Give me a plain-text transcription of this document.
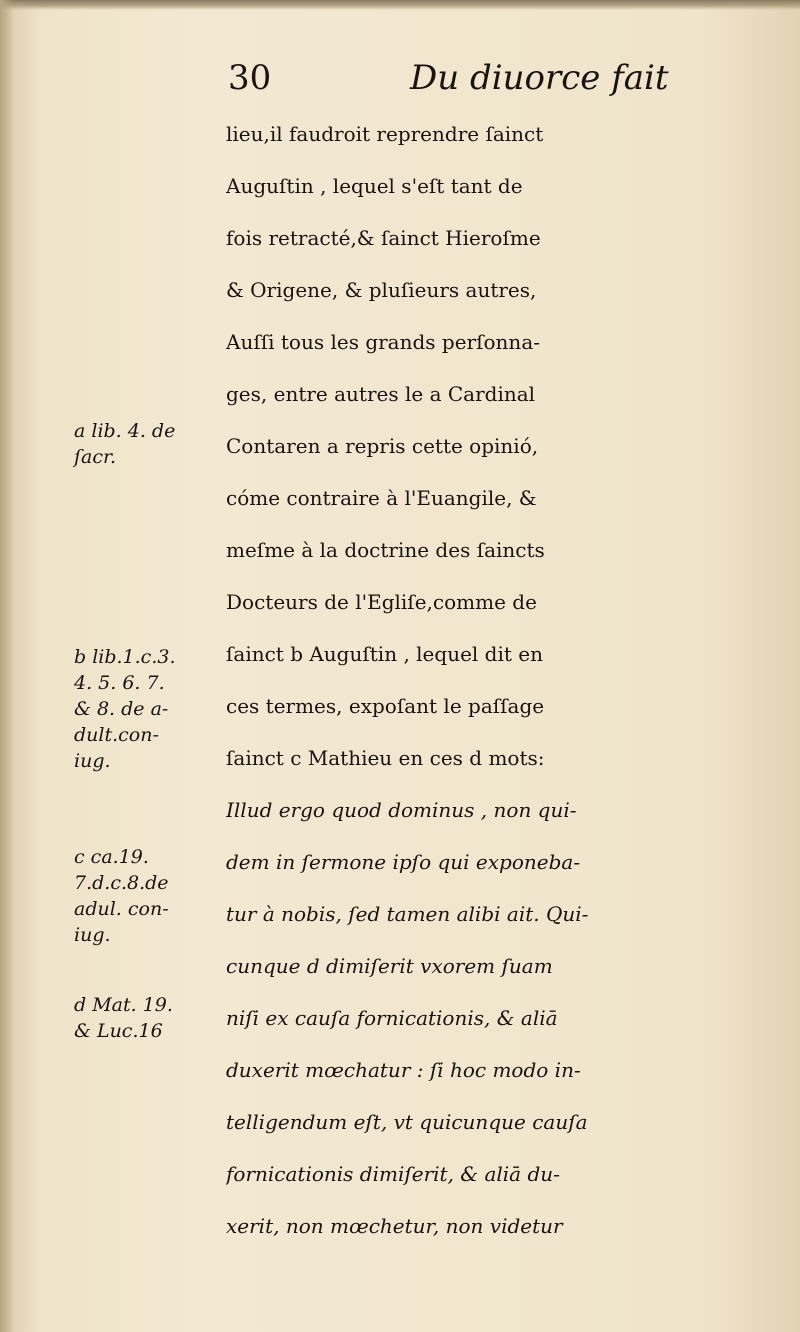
30	Du diuorce fait
lieu,il faudroit reprendre ſainct
Auguſtin , lequel s'eſt tant de
fois retracté,& ſainct Hieroſme
& Origene, & pluſieurs autres,
Auſſi tous les grands perſonna-
ges, entre autres le a Cardinal
Contaren a repris cette opinió,
cóme contraire à l'Euangile, &
meſme à la doctrine des ſaincts
Docteurs de l'Egliſe,comme de
ſainct b Auguſtin , lequel dit en
ces termes, expoſant le paſſage
ſainct c Mathieu en ces d mots:
Illud ergo quod dominus , non qui-
dem in ſermone ipſo qui exponeba-
tur à nobis, ſed tamen alibi ait. Qui-
cunque d dimiſerit vxorem ſuam
niſi ex cauſa fornicationis, & aliā
duxerit mœchatur : ſi hoc modo in-
telligendum eſt, vt quicunque cauſa
fornicationis dimiſerit, & aliā du-
xerit, non mœchetur, non videtur
a lib. 4. de
ſacr.
b lib.1.c.3.
4. 5. 6. 7.
& 8. de a-
dult.con-
iug.
c ca.19.
7.d.c.8.de
adul. con-
iug.
d Mat. 19.
& Luc.16
